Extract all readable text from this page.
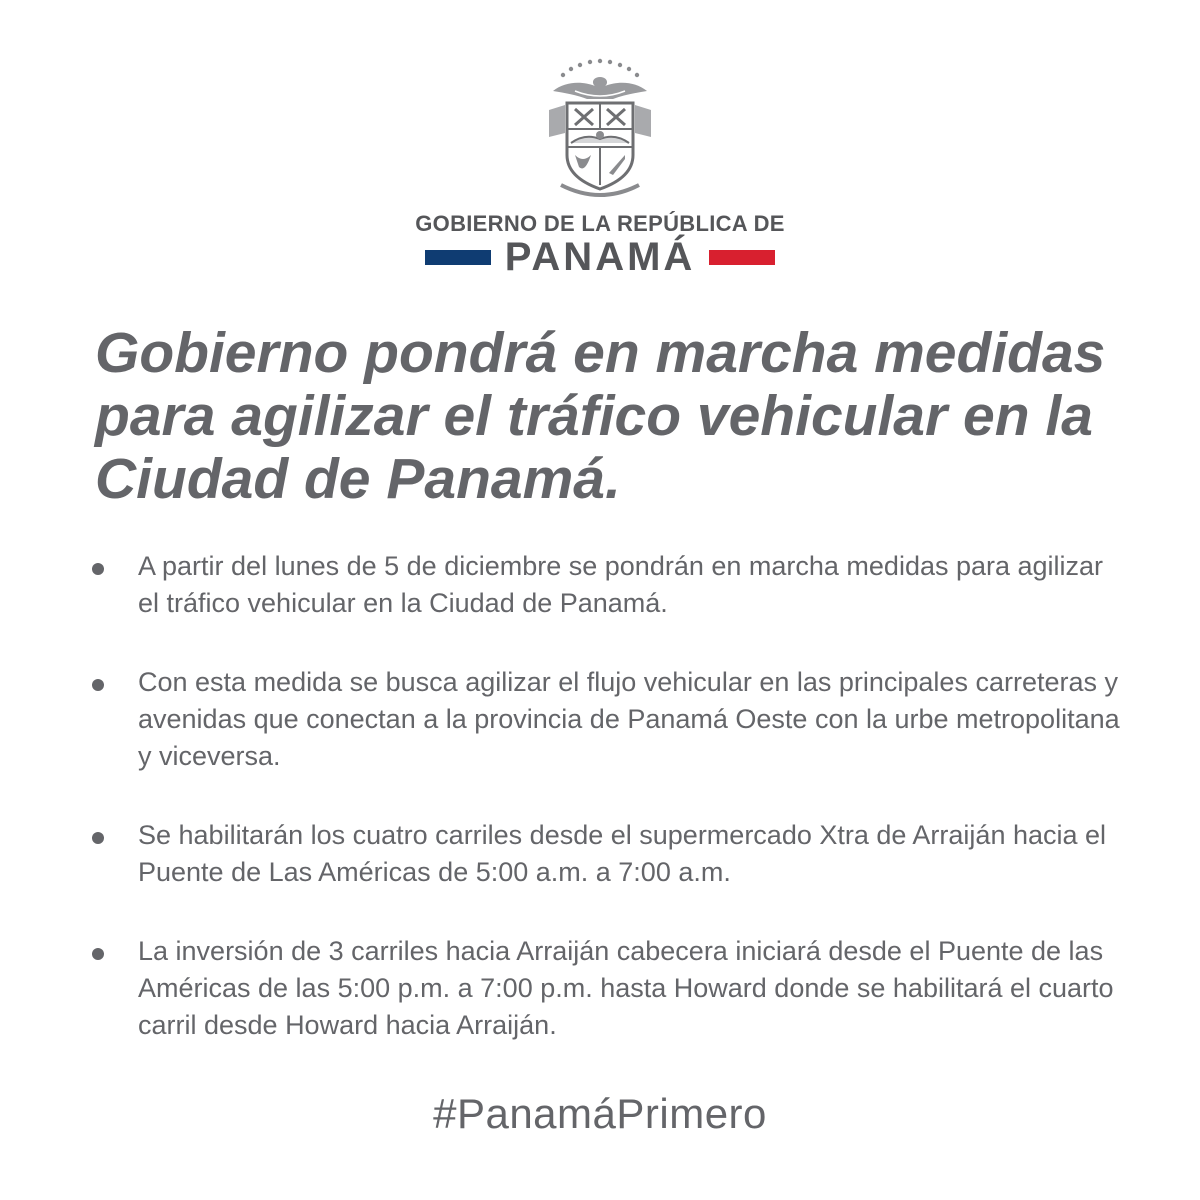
GOBIERNO DE LA REPÚBLICA DE
PANAMÁ
Gobierno pondrá en marcha medidas para agilizar el tráfico vehicular en la Ciudad de Panamá.
A partir del lunes de 5 de diciembre se pondrán en marcha medidas para agilizar el tráfico vehicular en la Ciudad de Panamá.
Con esta medida se busca agilizar el flujo vehicular en las principales carreteras y avenidas que conectan a la provincia de Panamá Oeste con la urbe metropolitana y viceversa.
Se habilitarán los cuatro carriles desde el supermercado Xtra de Arraiján hacia el Puente de Las Américas de 5:00 a.m. a 7:00 a.m.
La inversión de 3 carriles hacia Arraiján cabecera iniciará desde el Puente de las Américas de las 5:00 p.m. a 7:00 p.m. hasta Howard donde se habilitará el cuarto carril desde Howard hacia Arraiján.
#PanamáPrimero
